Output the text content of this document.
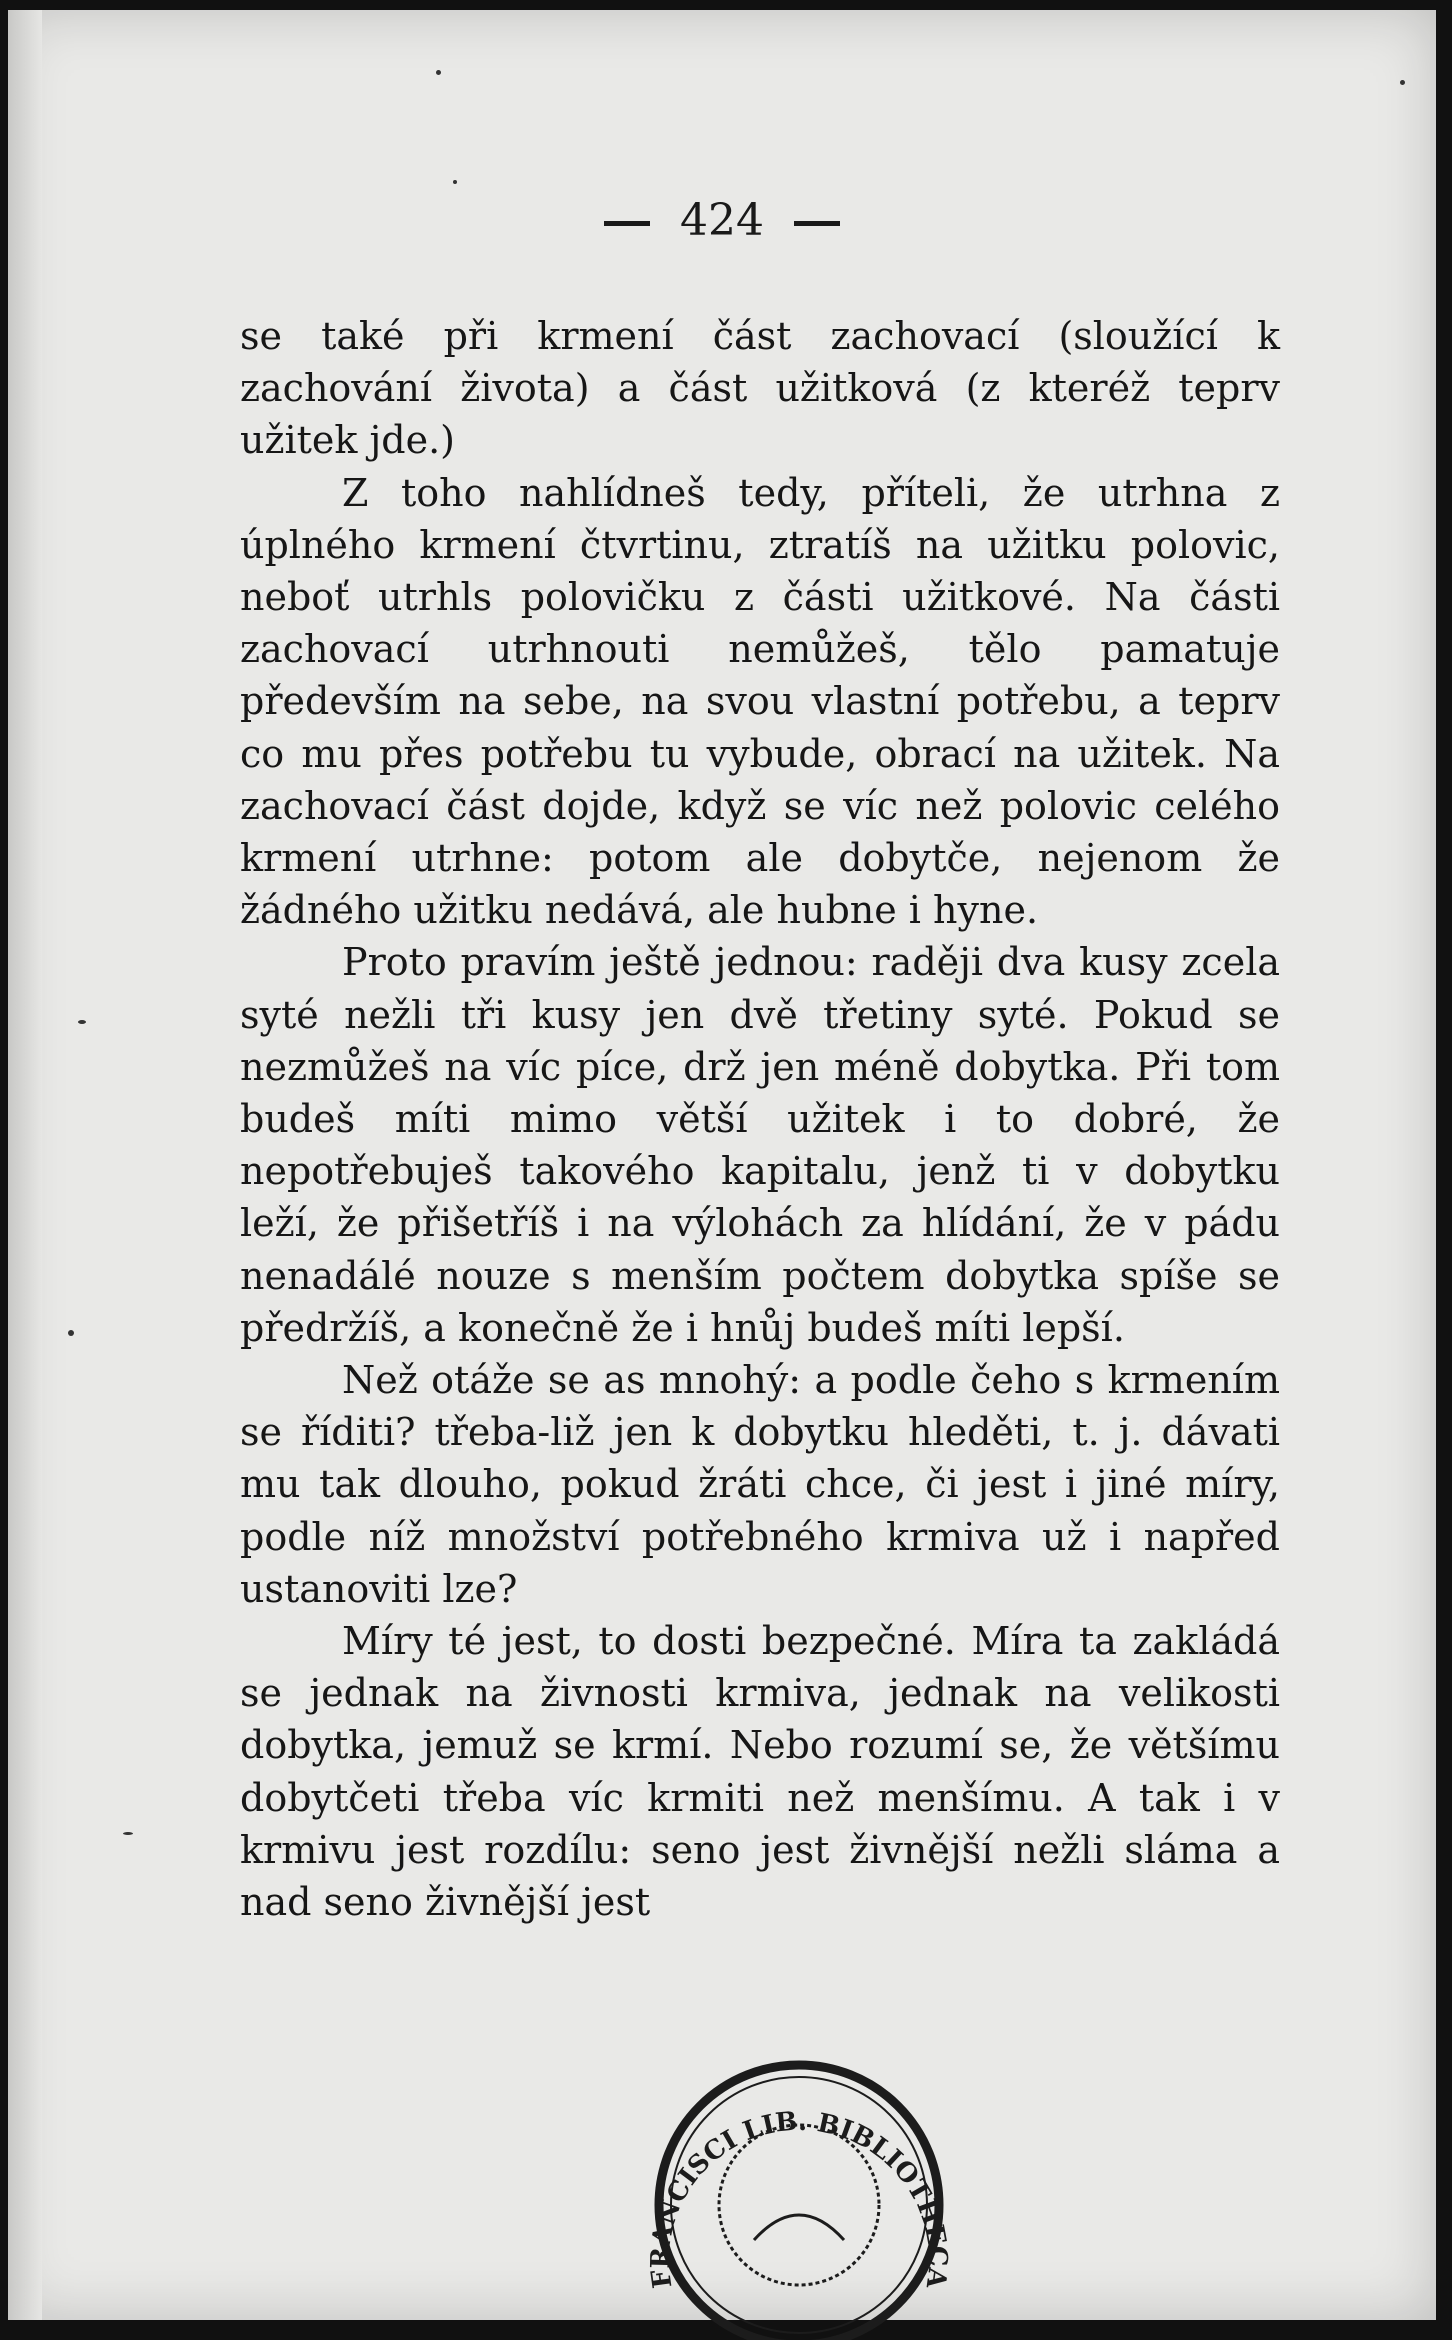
424

se také při krmení část zachovací (sloužící k zachování života) a část užitková (z kteréž teprv užitek jde.)

Z toho nahlídneš tedy, příteli, že utrhna z úplného krmení čtvrtinu, ztratíš na užitku polovic, neboť utrhls polovičku z části užitkové. Na části zachovací utrhnouti nemůžeš, tělo pamatuje především na sebe, na svou vlastní potřebu, a teprv co mu přes potřebu tu vybude, obrací na užitek. Na zachovací část dojde, když se víc než polovic celého krmení utrhne: potom ale dobytče, nejenom že žádného užitku nedává, ale hubne i hyne.

Proto pravím ještě jednou: raději dva kusy zcela syté nežli tři kusy jen dvě třetiny syté. Pokud se nezmůžeš na víc píce, drž jen méně dobytka. Při tom budeš míti mimo větší užitek i to dobré, že nepotřebuješ takového kapitalu, jenž ti v dobytku leží, že přišetříš i na výlohách za hlídání, že v pádu nenadálé nouze s menším počtem dobytka spíše se předržíš, a konečně že i hnůj budeš míti lepší.

Než otáže se as mnohý: a podle čeho s krmením se říditi? třeba-liž jen k dobytku hleděti, t. j. dávati mu tak dlouho, pokud žráti chce, či jest i jiné míry, podle níž množství potřebného krmiva už i napřed ustanoviti lze?

Míry té jest, to dosti bezpečné. Míra ta zakládá se jednak na živnosti krmiva, jednak na velikosti dobytka, jemuž se krmí. Nebo rozumí se, že většímu dobytčeti třeba víc krmiti než menšímu. A tak i v krmivu jest rozdílu: seno jest živnější nežli sláma a nad seno živnější jest

FRANCISCI LIB. BIBLIOTHECA
